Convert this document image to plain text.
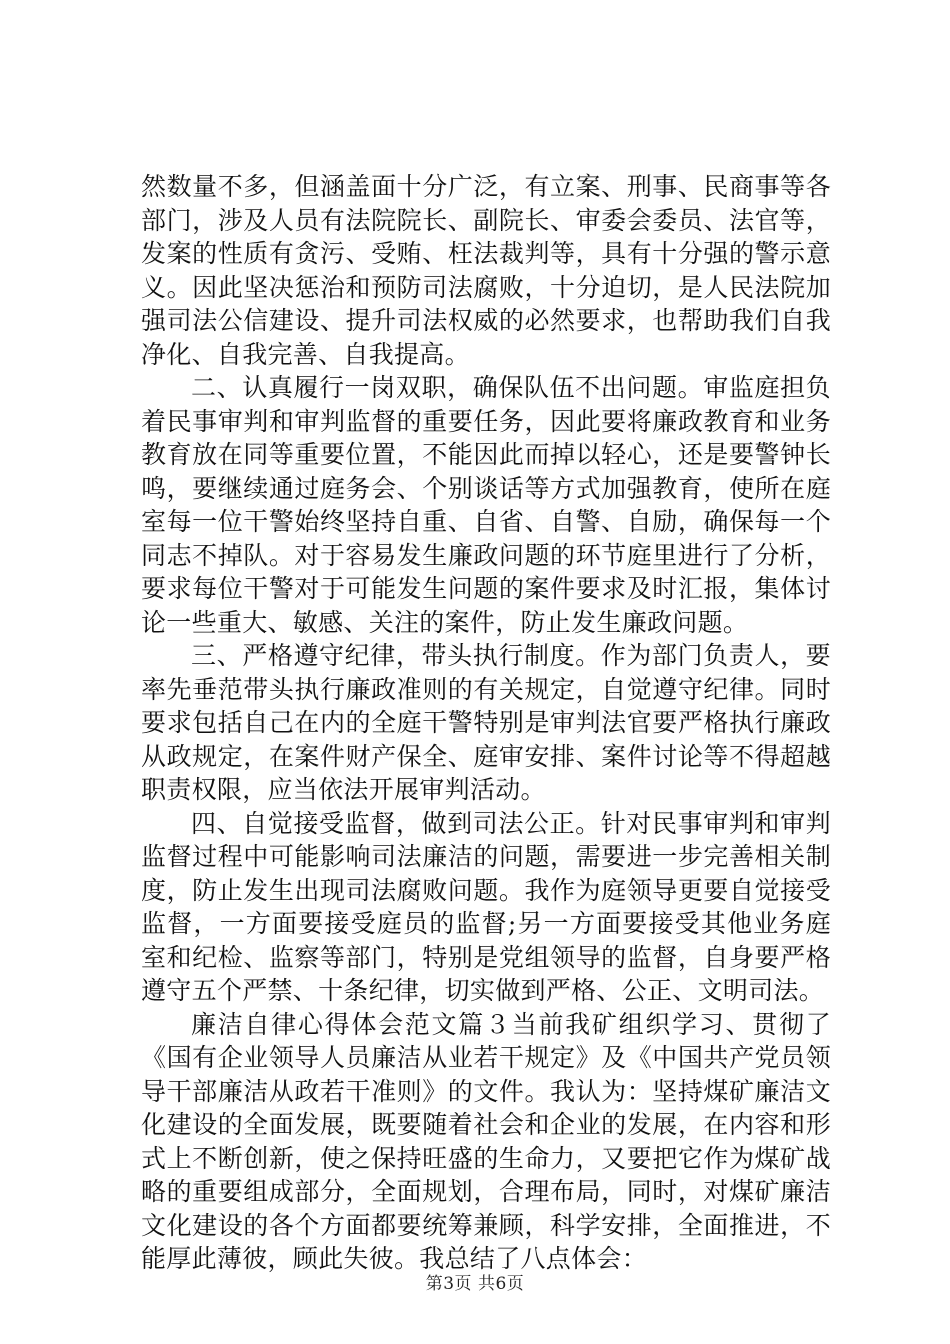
然数量不多，但涵盖面十分广泛，有立案、刑事、民商事等各部门，涉及人员有法院院长、副院长、审委会委员、法官等，发案的性质有贪污、受贿、枉法裁判等，具有十分强的警示意义。因此坚决惩治和预防司法腐败，十分迫切，是人民法院加强司法公信建设、提升司法权威的必然要求，也帮助我们自我净化、自我完善、自我提高。

二、认真履行一岗双职，确保队伍不出问题。审监庭担负着民事审判和审判监督的重要任务，因此要将廉政教育和业务教育放在同等重要位置，不能因此而掉以轻心，还是要警钟长鸣，要继续通过庭务会、个别谈话等方式加强教育，使所在庭室每一位干警始终坚持自重、自省、自警、自励，确保每一个同志不掉队。对于容易发生廉政问题的环节庭里进行了分析，要求每位干警对于可能发生问题的案件要求及时汇报，集体讨论一些重大、敏感、关注的案件，防止发生廉政问题。

三、严格遵守纪律，带头执行制度。作为部门负责人，要率先垂范带头执行廉政准则的有关规定，自觉遵守纪律。同时要求包括自己在内的全庭干警特别是审判法官要严格执行廉政从政规定，在案件财产保全、庭审安排、案件讨论等不得超越职责权限，应当依法开展审判活动。

四、自觉接受监督，做到司法公正。针对民事审判和审判监督过程中可能影响司法廉洁的问题，需要进一步完善相关制度，防止发生出现司法腐败问题。我作为庭领导更要自觉接受监督，一方面要接受庭员的监督;另一方面要接受其他业务庭室和纪检、监察等部门，特别是党组领导的监督，自身要严格遵守五个严禁、十条纪律，切实做到严格、公正、文明司法。

廉洁自律心得体会范文篇３当前我矿组织学习、贯彻了《国有企业领导人员廉洁从业若干规定》及《中国共产党员领导干部廉洁从政若干准则》的文件。我认为：坚持煤矿廉洁文化建设的全面发展，既要随着社会和企业的发展，在内容和形式上不断创新，使之保持旺盛的生命力，又要把它作为煤矿战略的重要组成部分，全面规划，合理布局，同时，对煤矿廉洁文化建设的各个方面都要统筹兼顾，科学安排，全面推进，不能厚此薄彼，顾此失彼。我总结了八点体会：

第3页 共6页
